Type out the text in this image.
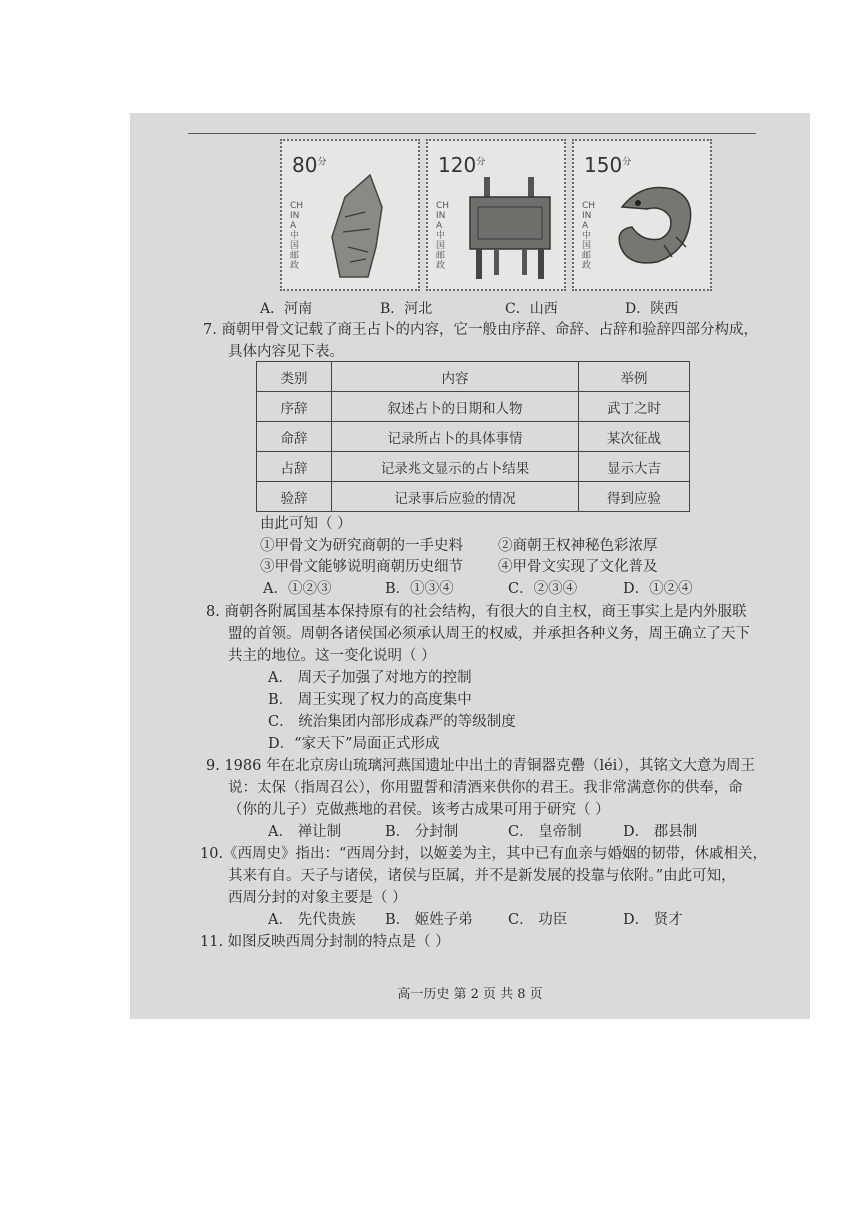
$80^分$
CHINA 中国邮政
$120^分$
CHINA 中国邮政
$150^分$
CHINA 中国邮政
A．河南	B．河北	C．山西	D．陕西
7. 商朝甲骨文记载了商王占卜的内容，它一般由序辞、命辞、占辞和验辞四部分构成，
具体内容见下表。
类别	内容	举例
序辞	叙述占卜的日期和人物	武丁之时
命辞	记录所占卜的具体事情	某次征战
占辞	记录兆文显示的占卜结果	显示大吉
验辞	记录事后应验的情况	得到应验
由此可知（ ）
①甲骨文为研究商朝的一手史料 ②商朝王权神秘色彩浓厚
③甲骨文能够说明商朝历史细节 ④甲骨文实现了文化普及
A．①②③	B．①③④	C．②③④	D．①②④
8. 商朝各附属国基本保持原有的社会结构，有很大的自主权，商王事实上是内外服联
盟的首领。周朝各诸侯国必须承认周王的权威，并承担各种义务，周王确立了天下
共主的地位。这一变化说明（ ）
A． 周天子加强了对地方的控制
B． 周王实现了权力的高度集中
C． 统治集团内部形成森严的等级制度
D．“家天下”局面正式形成
9. 1986 年在北京房山琉璃河燕国遗址中出土的青铜器克罍（léi），其铭文大意为周王
说：太保（指周召公），你用盟誓和清酒来供你的君王。我非常满意你的供奉，命
（你的儿子）克做燕地的君侯。该考古成果可用于研究（ ）
A． 禅让制	B． 分封制	C． 皇帝制	D． 郡县制
10.《西周史》指出：“西周分封，以姬姜为主，其中已有血亲与婚姻的韧带，休戚相关，
其来有自。天子与诸侯，诸侯与臣属，并不是新发展的投靠与依附。”由此可知，
西周分封的对象主要是（ ）
A． 先代贵族 B． 姬姓子弟 C． 功臣	D． 贤才
11. 如图反映西周分封制的特点是（ ）
高一历史 第 2 页 共 8 页
